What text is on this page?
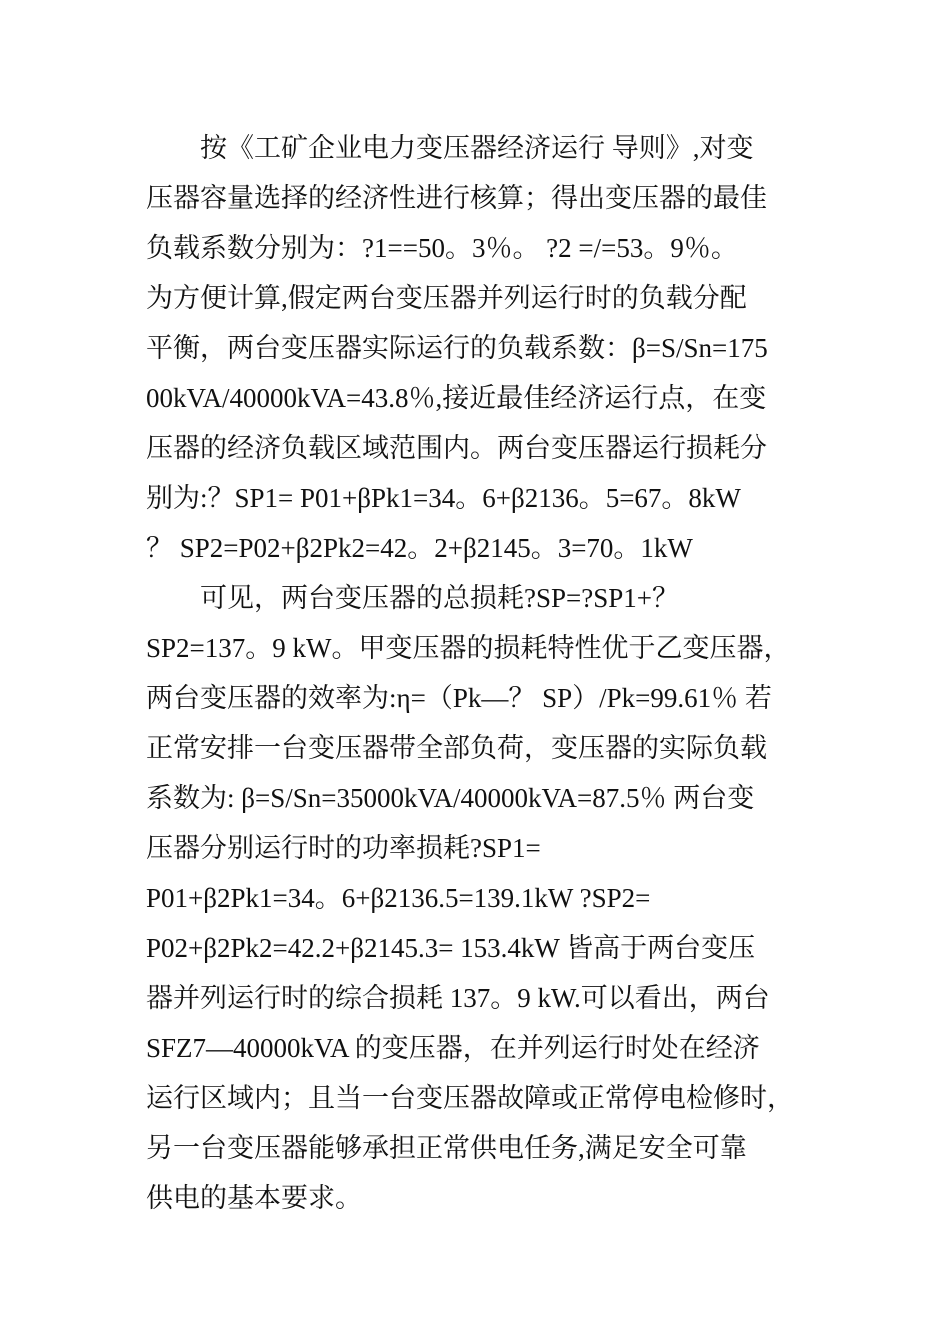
　　按《工矿企业电力变压器经济运行 导则》,对变
压器容量选择的经济性进行核算；得出变压器的最佳
负载系数分别为：?1==50。3％。 ?2 =/=53。9％。
为方便计算,假定两台变压器并列运行时的负载分配
平衡，两台变压器实际运行的负载系数：β=S/Sn=175
00kVA/40000kVA=43.8％,接近最佳经济运行点，在变
压器的经济负载区域范围内。两台变压器运行损耗分
别为:？SP1= P01+βPk1=34。6+β2136。5=67。8kW
？ SP2=P02+β2Pk2=42。2+β2145。3=70。1kW
　　可见，两台变压器的总损耗?SP=?SP1+？
SP2=137。9 kW。甲变压器的损耗特性优于乙变压器，
两台变压器的效率为:η=（Pk—？ SP）/Pk=99.61％ 若
正常安排一台变压器带全部负荷，变压器的实际负载
系数为: β=S/Sn=35000kVA/40000kVA=87.5％ 两台变
压器分别运行时的功率损耗?SP1=
P01+β2Pk1=34。6+β2136.5=139.1kW ?SP2=
P02+β2Pk2=42.2+β2145.3= 153.4kW 皆高于两台变压
器并列运行时的综合损耗 137。9 kW.可以看出，两台
SFZ7—40000kVA 的变压器，在并列运行时处在经济
运行区域内；且当一台变压器故障或正常停电检修时，
另一台变压器能够承担正常供电任务,满足安全可靠
供电的基本要求。
